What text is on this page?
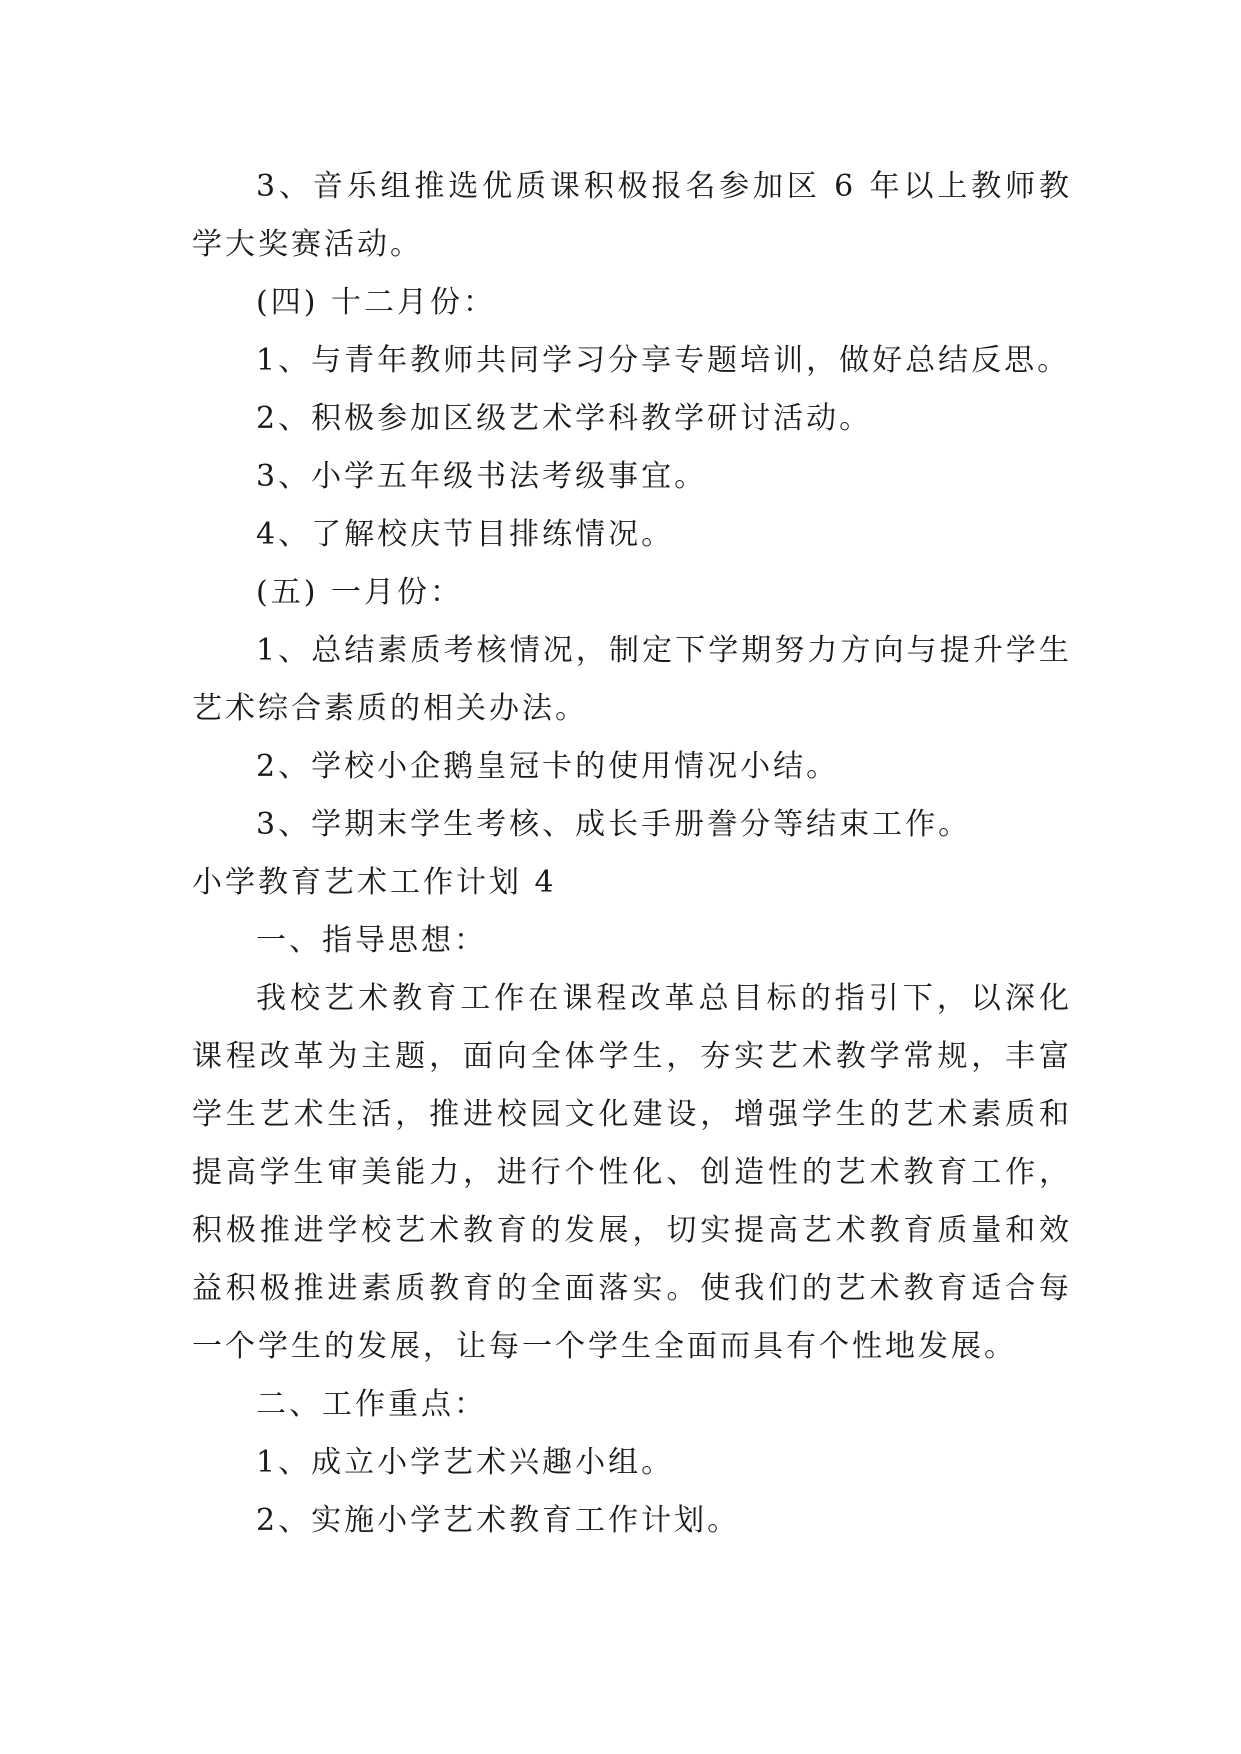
3、音乐组推选优质课积极报名参加区 6 年以上教师教学大奖赛活动。

(四) 十二月份：

1、与青年教师共同学习分享专题培训，做好总结反思。

2、积极参加区级艺术学科教学研讨活动。

3、小学五年级书法考级事宜。

4、了解校庆节目排练情况。

(五) 一月份：

1、总结素质考核情况，制定下学期努力方向与提升学生艺术综合素质的相关办法。

2、学校小企鹅皇冠卡的使用情况小结。

3、学期末学生考核、成长手册誊分等结束工作。

小学教育艺术工作计划 4

一、指导思想：

我校艺术教育工作在课程改革总目标的指引下，以深化课程改革为主题，面向全体学生，夯实艺术教学常规，丰富学生艺术生活，推进校园文化建设，增强学生的艺术素质和提高学生审美能力，进行个性化、创造性的艺术教育工作，积极推进学校艺术教育的发展，切实提高艺术教育质量和效益积极推进素质教育的全面落实。使我们的艺术教育适合每一个学生的发展，让每一个学生全面而具有个性地发展。

二、工作重点：

1、成立小学艺术兴趣小组。

2、实施小学艺术教育工作计划。
